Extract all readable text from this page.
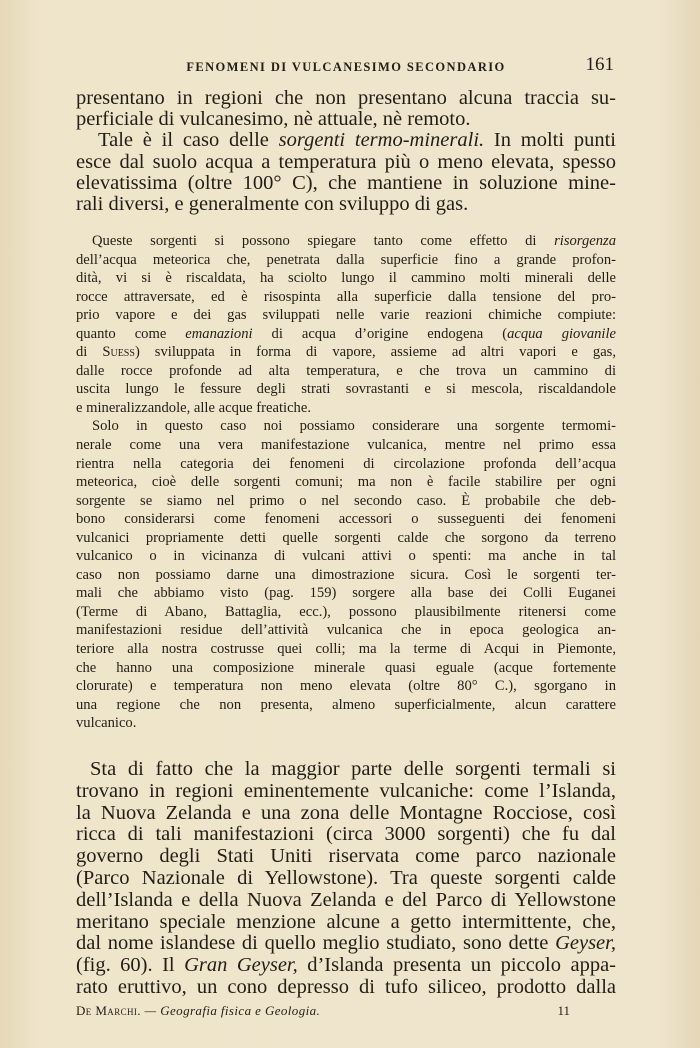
FENOMENI DI VULCANESIMO SECONDARIO	161
presentano in regioni che non presentano alcuna traccia su-
perficiale di vulcanesimo, nè attuale, nè remoto.
Tale è il caso delle sorgenti termo-minerali. In molti punti
esce dal suolo acqua a temperatura più o meno elevata, spesso
elevatissima (oltre 100° C), che mantiene in soluzione mine-
rali diversi, e generalmente con sviluppo di gas.
Queste sorgenti si possono spiegare tanto come effetto di risorgenza
dell’acqua meteorica che, penetrata dalla superficie fino a grande profon-
dità, vi si è riscaldata, ha sciolto lungo il cammino molti minerali delle
rocce attraversate, ed è risospinta alla superficie dalla tensione del pro-
prio vapore e dei gas sviluppati nelle varie reazioni chimiche compiute:
quanto come emanazioni di acqua d’origine endogena (acqua giovanile
di Suess) sviluppata in forma di vapore, assieme ad altri vapori e gas,
dalle rocce profonde ad alta temperatura, e che trova un cammino di
uscita lungo le fessure degli strati sovrastanti e si mescola, riscaldandole
e mineralizzandole, alle acque freatiche.
Solo in questo caso noi possiamo considerare una sorgente termomi-
nerale come una vera manifestazione vulcanica, mentre nel primo essa
rientra nella categoria dei fenomeni di circolazione profonda dell’acqua
meteorica, cioè delle sorgenti comuni; ma non è facile stabilire per ogni
sorgente se siamo nel primo o nel secondo caso. È probabile che deb-
bono considerarsi come fenomeni accessori o susseguenti dei fenomeni
vulcanici propriamente detti quelle sorgenti calde che sorgono da terreno
vulcanico o in vicinanza di vulcani attivi o spenti: ma anche in tal
caso non possiamo darne una dimostrazione sicura. Così le sorgenti ter-
mali che abbiamo visto (pag. 159) sorgere alla base dei Colli Euganei
(Terme di Abano, Battaglia, ecc.), possono plausibilmente ritenersi come
manifestazioni residue dell’attività vulcanica che in epoca geologica an-
teriore alla nostra costrusse quei colli; ma la terme di Acqui in Piemonte,
che hanno una composizione minerale quasi eguale (acque fortemente
clorurate) e temperatura non meno elevata (oltre 80° C.), sgorgano in
una regione che non presenta, almeno superficialmente, alcun carattere
vulcanico.
Sta di fatto che la maggior parte delle sorgenti termali si
trovano in regioni eminentemente vulcaniche: come l’Islanda,
la Nuova Zelanda e una zona delle Montagne Rocciose, così
ricca di tali manifestazioni (circa 3000 sorgenti) che fu dal
governo degli Stati Uniti riservata come parco nazionale
(Parco Nazionale di Yellowstone). Tra queste sorgenti calde
dell’Islanda e della Nuova Zelanda e del Parco di Yellowstone
meritano speciale menzione alcune a getto intermittente, che,
dal nome islandese di quello meglio studiato, sono dette Geyser,
(fig. 60). Il Gran Geyser, d’Islanda presenta un piccolo appa-
rato eruttivo, un cono depresso di tufo siliceo, prodotto dalla
De Marchi. — Geografia fisica e Geologia.	11
